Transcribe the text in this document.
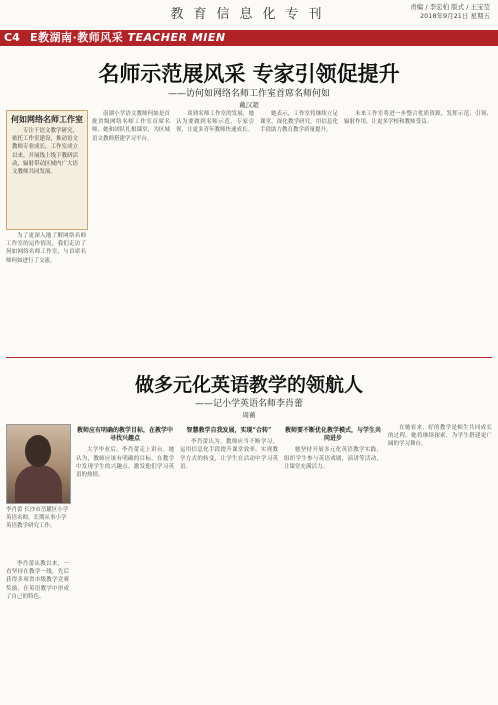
教育信息化专刊	责编 / 李宏柏 版式 / 王宝莹
2018年9月21日 星期五
C4 E教湖南·教师风采 TEACHER MIEN
名师示范展风采 专家引领促提升
——访何如网络名师工作室首席名师何如
戴汉超
何如网络名师工作室
专注于语文教学研究，依托工作室建设，推动语文教师专业成长，工作室成立以来，开展线上线下教研活动，辐射带动区域内广大语文教师共同发展。

为了更深入地了解网络名师工作室的运作情况，我们走访了何如网络名师工作室，与首席名师何如进行了交流。

南湖小学语文教师何如是首批省级网络名师工作室首席名师。她和团队扎根课堂，为区域语文教师搭建学习平台。

谈到名师工作室的发展，她认为要做到名师示范、专家引领，让更多青年教师快速成长。

她表示，工作室将继续立足课堂，深化教学研究，用信息化手段助力教育教学质量提升。

未来工作室将进一步整合优质资源，发挥示范、引领、辐射作用，让更多学校和教师受益。

做多元化英语教学的领航人
——记小学英语名师李肖蕾
周薇
李肖蕾 长沙市岳麓区小学英语名师，长期从事小学英语教学研究工作。

李肖蕾从教以来，一直坚持在教学一线，先后获得多项省市级教学竞赛奖励，在英语教学中形成了自己的特色。

教师应有明确的教学目标，在教学中寻找兴趣点

大学毕业后，李肖蕾走上讲台。她认为，教师应该有明确的目标，在教学中发现学生的兴趣点，激发他们学习英语的热情。

智慧教学自我发展，实现“合转”

李肖蕾认为，教师应当不断学习，运用信息化手段提升课堂效率，实现教学方式的转变，让学生在活动中学习英语。

教师要不断优化教学模式，与学生共同进步

她坚持开展多元化英语教学实践，组织学生参与英语戏剧、演讲等活动，让课堂充满活力。

在她看来，好的教学是师生共同成长的过程。她将继续探索，为学生搭建更广阔的学习舞台。
